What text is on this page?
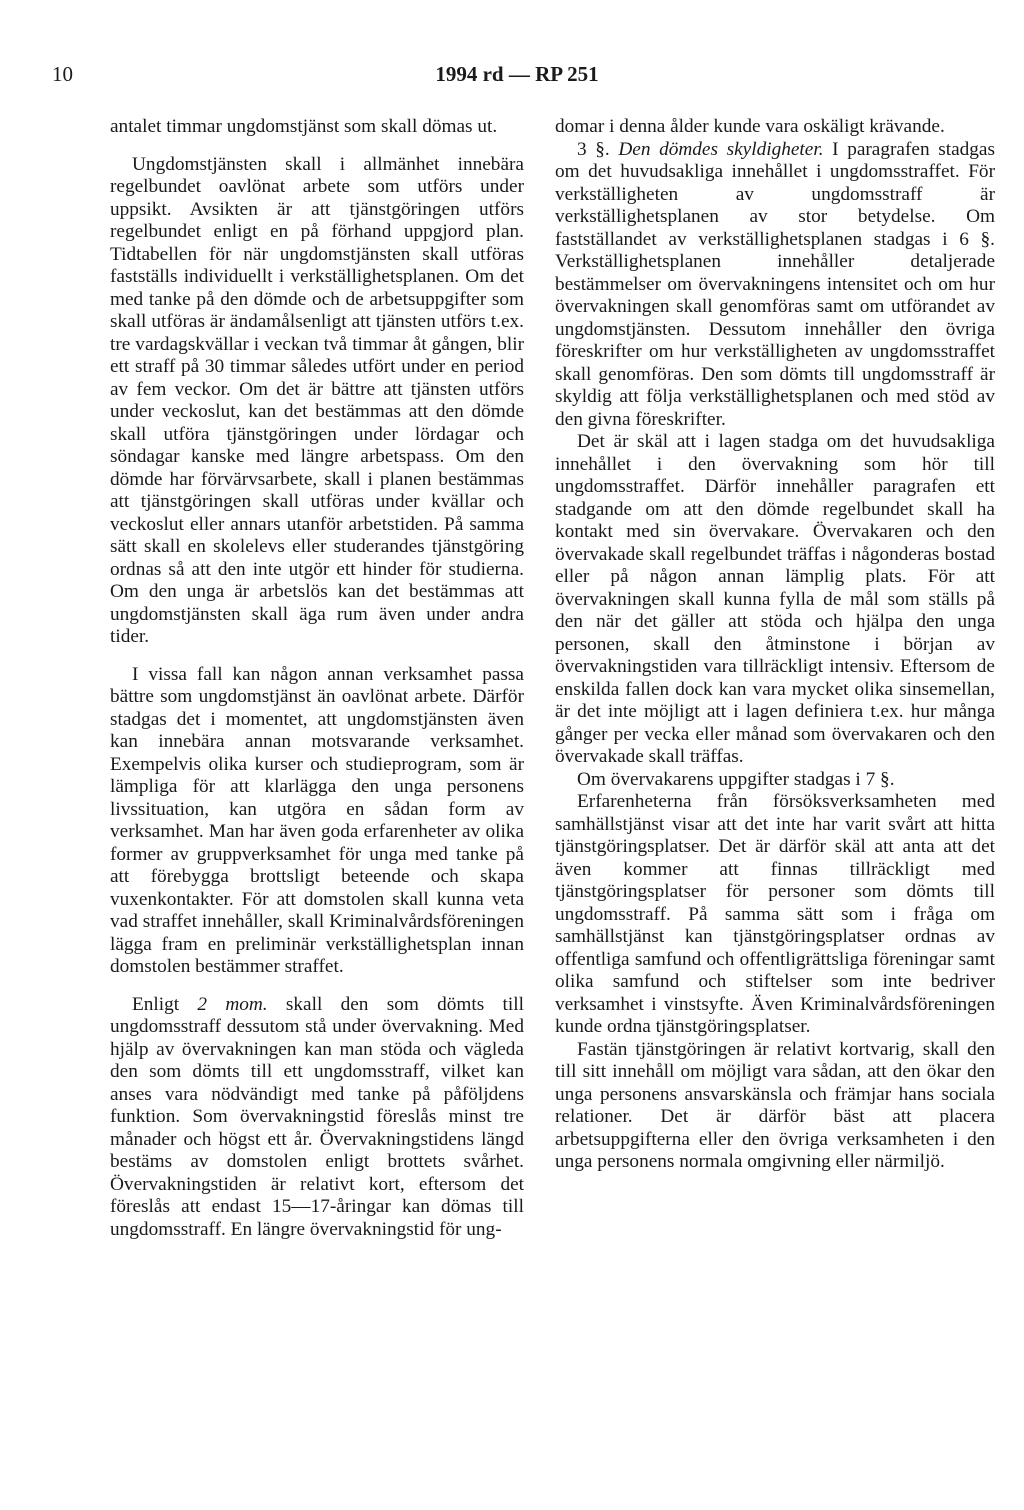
10	1994 rd — RP 251

antalet timmar ungdomstjänst som skall dömas ut.

Ungdomstjänsten skall i allmänhet innebära regelbundet oavlönat arbete som utförs under uppsikt. Avsikten är att tjänstgöringen utförs regelbundet enligt en på förhand uppgjord plan. Tidtabellen för när ungdomstjänsten skall utföras fastställs individuellt i verkställighetsplanen. Om det med tanke på den dömde och de arbetsuppgifter som skall utföras är ändamålsenligt att tjänsten utförs t.ex. tre vardagskvällar i veckan två timmar åt gången, blir ett straff på 30 timmar således utfört under en period av fem veckor. Om det är bättre att tjänsten utförs under veckoslut, kan det bestämmas att den dömde skall utföra tjänstgöringen under lördagar och söndagar kanske med längre arbetspass. Om den dömde har förvärvsarbete, skall i planen bestämmas att tjänstgöringen skall utföras under kvällar och veckoslut eller annars utanför arbetstiden. På samma sätt skall en skolelevs eller studerandes tjänstgöring ordnas så att den inte utgör ett hinder för studierna. Om den unga är arbetslös kan det bestämmas att ungdomstjänsten skall äga rum även under andra tider.

I vissa fall kan någon annan verksamhet passa bättre som ungdomstjänst än oavlönat arbete. Därför stadgas det i momentet, att ungdomstjänsten även kan innebära annan motsvarande verksamhet. Exempelvis olika kurser och studieprogram, som är lämpliga för att klarlägga den unga personens livssituation, kan utgöra en sådan form av verksamhet. Man har även goda erfarenheter av olika former av gruppverksamhet för unga med tanke på att förebygga brottsligt beteende och skapa vuxenkontakter. För att domstolen skall kunna veta vad straffet innehåller, skall Kriminalvårdsföreningen lägga fram en preliminär verkställighetsplan innan domstolen bestämmer straffet.

Enligt 2 mom. skall den som dömts till ungdomsstraff dessutom stå under övervakning. Med hjälp av övervakningen kan man stöda och vägleda den som dömts till ett ungdomsstraff, vilket kan anses vara nödvändigt med tanke på påföljdens funktion. Som övervakningstid föreslås minst tre månader och högst ett år. Övervakningstidens längd bestäms av domstolen enligt brottets svårhet. Övervakningstiden är relativt kort, eftersom det föreslås att endast 15—17-åringar kan dömas till ungdomsstraff. En längre övervakningstid för ung-

domar i denna ålder kunde vara oskäligt krävande.

3 §. Den dömdes skyldigheter. I paragrafen stadgas om det huvudsakliga innehållet i ungdomsstraffet. För verkställigheten av ungdomsstraff är verkställighetsplanen av stor betydelse. Om fastställandet av verkställighetsplanen stadgas i 6 §. Verkställighetsplanen innehåller detaljerade bestämmelser om övervakningens intensitet och om hur övervakningen skall genomföras samt om utförandet av ungdomstjänsten. Dessutom innehåller den övriga föreskrifter om hur verkställigheten av ungdomsstraffet skall genomföras. Den som dömts till ungdomsstraff är skyldig att följa verkställighetsplanen och med stöd av den givna föreskrifter.

Det är skäl att i lagen stadga om det huvudsakliga innehållet i den övervakning som hör till ungdomsstraffet. Därför innehåller paragrafen ett stadgande om att den dömde regelbundet skall ha kontakt med sin övervakare. Övervakaren och den övervakade skall regelbundet träffas i någonderas bostad eller på någon annan lämplig plats. För att övervakningen skall kunna fylla de mål som ställs på den när det gäller att stöda och hjälpa den unga personen, skall den åtminstone i början av övervakningstiden vara tillräckligt intensiv. Eftersom de enskilda fallen dock kan vara mycket olika sinsemellan, är det inte möjligt att i lagen definiera t.ex. hur många gånger per vecka eller månad som övervakaren och den övervakade skall träffas.

Om övervakarens uppgifter stadgas i 7 §.

Erfarenheterna från försöksverksamheten med samhällstjänst visar att det inte har varit svårt att hitta tjänstgöringsplatser. Det är därför skäl att anta att det även kommer att finnas tillräckligt med tjänstgöringsplatser för personer som dömts till ungdomsstraff. På samma sätt som i fråga om samhällstjänst kan tjänstgöringsplatser ordnas av offentliga samfund och offentligrättsliga föreningar samt olika samfund och stiftelser som inte bedriver verksamhet i vinstsyfte. Även Kriminalvårdsföreningen kunde ordna tjänstgöringsplatser.

Fastän tjänstgöringen är relativt kortvarig, skall den till sitt innehåll om möjligt vara sådan, att den ökar den unga personens ansvarskänsla och främjar hans sociala relationer. Det är därför bäst att placera arbetsuppgifterna eller den övriga verksamheten i den unga personens normala omgivning eller närmiljö.
